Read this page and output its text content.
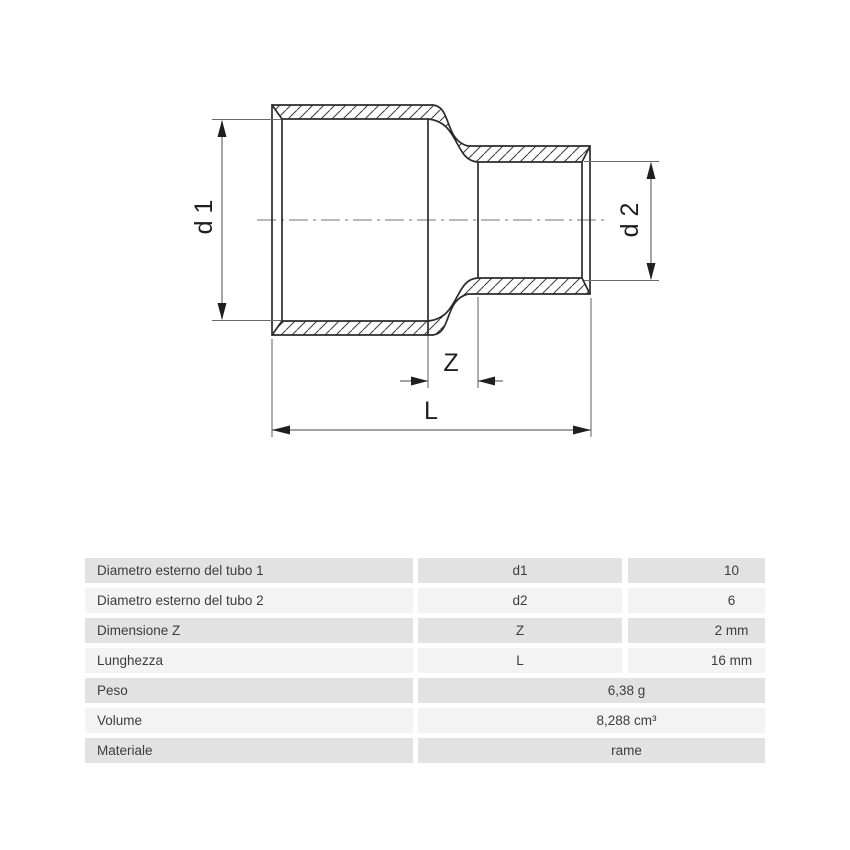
d 1	d 2
Z
L
Diametro esterno del tubo 1	d1	10
Diametro esterno del tubo 2	d2	6
Dimensione Z	Z	2 mm
Lunghezza	L	16 mm
Peso	6,38 g
Volume	8,288 cm³
Materiale	rame
